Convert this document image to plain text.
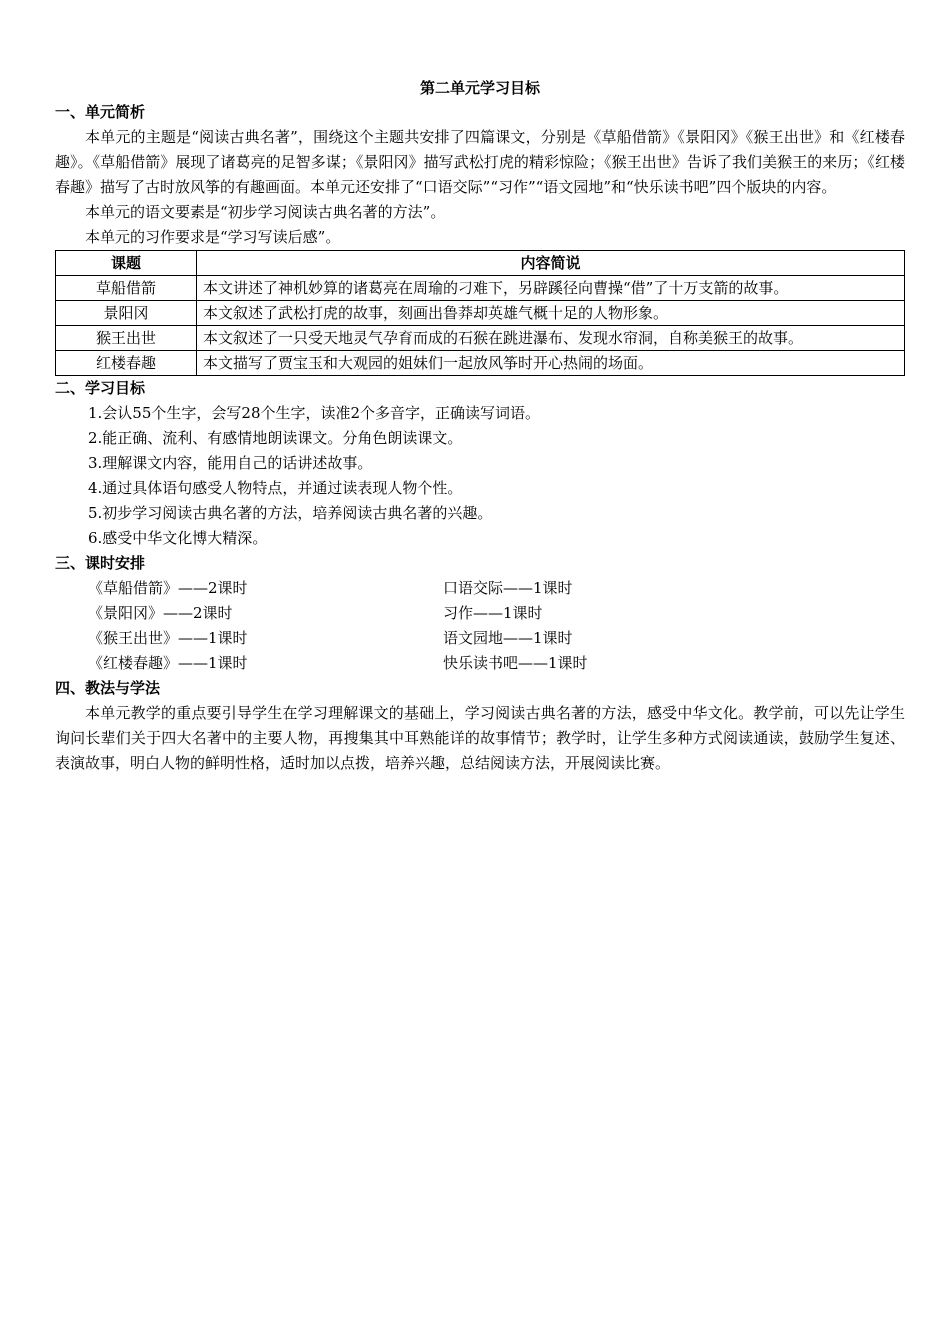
第二单元学习目标
一、单元简析

本单元的主题是“阅读古典名著”，围绕这个主题共安排了四篇课文，分别是《草船借箭》《景阳冈》《猴王出世》和《红楼春趣》。《草船借箭》展现了诸葛亮的足智多谋；《景阳冈》描写武松打虎的精彩惊险；《猴王出世》告诉了我们美猴王的来历；《红楼春趣》描写了古时放风筝的有趣画面。本单元还安排了“口语交际”“习作”“语文园地”和“快乐读书吧”四个版块的内容。

本单元的语文要素是“初步学习阅读古典名著的方法”。

本单元的习作要求是“学习写读后感”。

课题	内容简说
草船借箭	本文讲述了神机妙算的诸葛亮在周瑜的刁难下，另辟蹊径向曹操“借”了十万支箭的故事。
景阳冈	本文叙述了武松打虎的故事，刻画出鲁莽却英雄气概十足的人物形象。
猴王出世	本文叙述了一只受天地灵气孕育而成的石猴在跳进瀑布、发现水帘洞，自称美猴王的故事。
红楼春趣	本文描写了贾宝玉和大观园的姐妹们一起放风筝时开心热闹的场面。
二、学习目标

1.会认55个生字，会写28个生字，读准2个多音字，正确读写词语。

2.能正确、流利、有感情地朗读课文。分角色朗读课文。

3.理解课文内容，能用自己的话讲述故事。

4.通过具体语句感受人物特点，并通过读表现人物个性。

5.初步学习阅读古典名著的方法，培养阅读古典名著的兴趣。

6.感受中华文化博大精深。

三、课时安排
《草船借箭》——2课时	口语交际——1课时
《景阳冈》——2课时	习作——1课时
《猴王出世》——1课时	语文园地——1课时
《红楼春趣》——1课时	快乐读书吧——1课时
四、教法与学法

本单元教学的重点要引导学生在学习理解课文的基础上，学习阅读古典名著的方法，感受中华文化。教学前，可以先让学生询问长辈们关于四大名著中的主要人物，再搜集其中耳熟能详的故事情节；教学时，让学生多种方式阅读通读，鼓励学生复述、表演故事，明白人物的鲜明性格，适时加以点拨，培养兴趣，总结阅读方法，开展阅读比赛。
